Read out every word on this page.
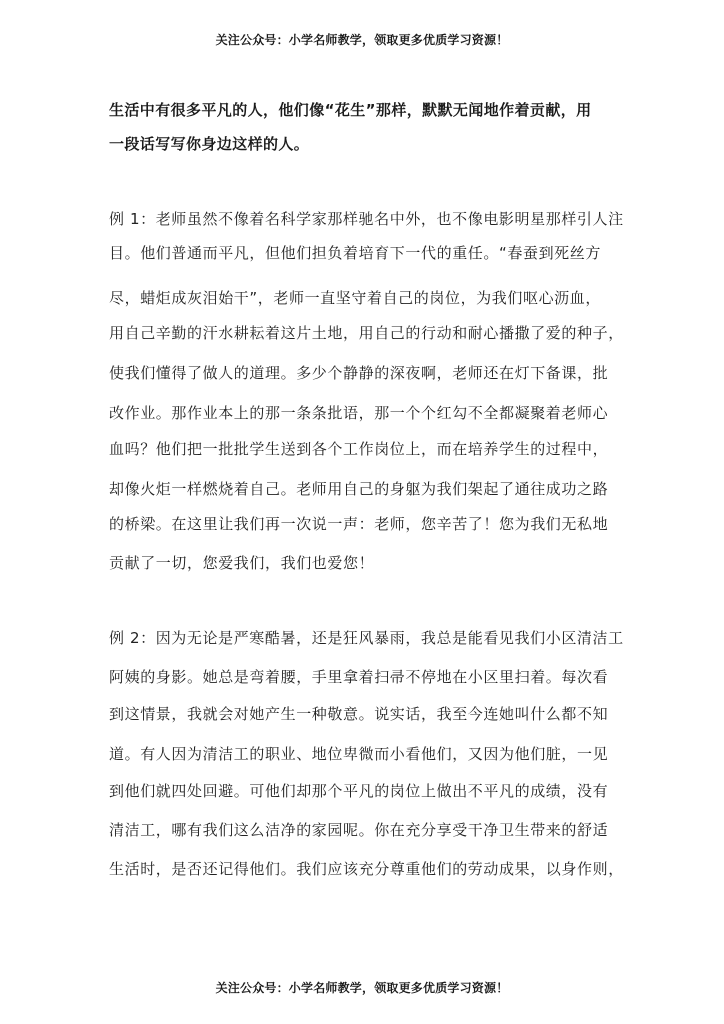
关注公众号：小学名师教学，领取更多优质学习资源！
生活中有很多平凡的人，他们像“花生”那样，默默无闻地作着贡献，用
一段话写写你身边这样的人。
例 1：老师虽然不像着名科学家那样驰名中外，也不像电影明星那样引人注
目。他们普通而平凡，但他们担负着培育下一代的重任。“春蚕到死丝方
尽，蜡炬成灰泪始干”，老师一直坚守着自己的岗位，为我们呕心沥血，
用自己辛勤的汗水耕耘着这片土地，用自己的行动和耐心播撒了爱的种子，
使我们懂得了做人的道理。多少个静静的深夜啊，老师还在灯下备课，批
改作业。那作业本上的那一条条批语，那一个个红勾不全都凝聚着老师心
血吗？他们把一批批学生送到各个工作岗位上，而在培养学生的过程中，
却像火炬一样燃烧着自己。老师用自己的身躯为我们架起了通往成功之路
的桥梁。在这里让我们再一次说一声：老师，您辛苦了！您为我们无私地
贡献了一切，您爱我们，我们也爱您！
例 2：因为无论是严寒酷暑，还是狂风暴雨，我总是能看见我们小区清洁工
阿姨的身影。她总是弯着腰，手里拿着扫帚不停地在小区里扫着。每次看
到这情景，我就会对她产生一种敬意。说实话，我至今连她叫什么都不知
道。有人因为清洁工的职业、地位卑微而小看他们，又因为他们脏，一见
到他们就四处回避。可他们却那个平凡的岗位上做出不平凡的成绩，没有
清洁工，哪有我们这么洁净的家园呢。你在充分享受干净卫生带来的舒适
生活时，是否还记得他们。我们应该充分尊重他们的劳动成果，以身作则，
关注公众号：小学名师教学，领取更多优质学习资源！
